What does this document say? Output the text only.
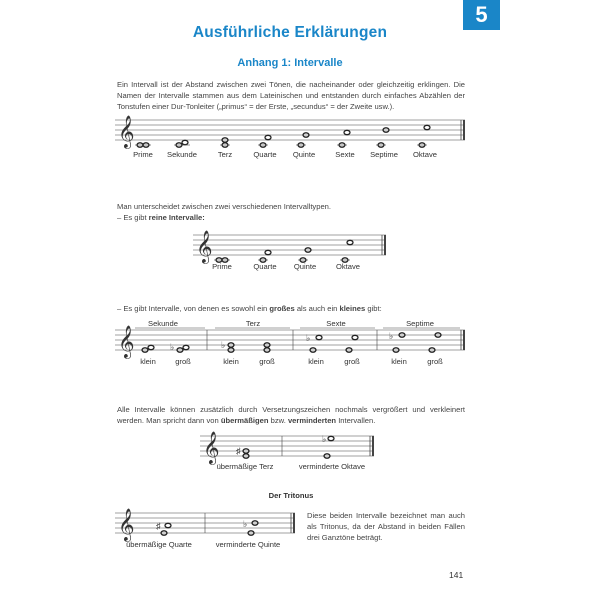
5
Ausführliche Erklärungen
Anhang 1: Intervalle

Ein Intervall ist der Abstand zwischen zwei Tönen, die nacheinander oder gleichzeitig erklingen. Die Namen der Intervalle stammen aus dem Lateinischen und entstanden durch einfaches Abzählen der Tonstufen einer Dur-Tonleiter („primus“ = der Erste, „secundus“ = der Zweite usw.).

𝄞
Prime Sekunde	Terz	Quarte Quinte	Sexte Septime Oktave
Man unterscheidet zwischen zwei verschiedenen Intervalltypen.
– Es gibt reine Intervalle:
𝄞
Prime	Quarte Quinte	Oktave
– Es gibt Intervalle, von denen es sowohl ein großes als auch ein kleines gibt:
Sekunde	Terz	Sexte	Septime
𝄞	♭	♭
♭	♭
klein	groß	klein	groß	klein	groß	klein	groß
Alle Intervalle können zusätzlich durch Versetzungszeichen nochmals vergrößert und verkleinert werden. Man spricht dann von übermäßigen bzw. verminderten Intervallen.
𝄞 ♯
♭
übermäßige Terz	verminderte Oktave
Der Tritonus
𝄞 ♯	♭
übermäßige Quarte	verminderte Quinte

Diese beiden Intervalle bezeichnet man auch als Tritonus, da der Abstand in beiden Fällen drei Ganztöne beträgt.

141
